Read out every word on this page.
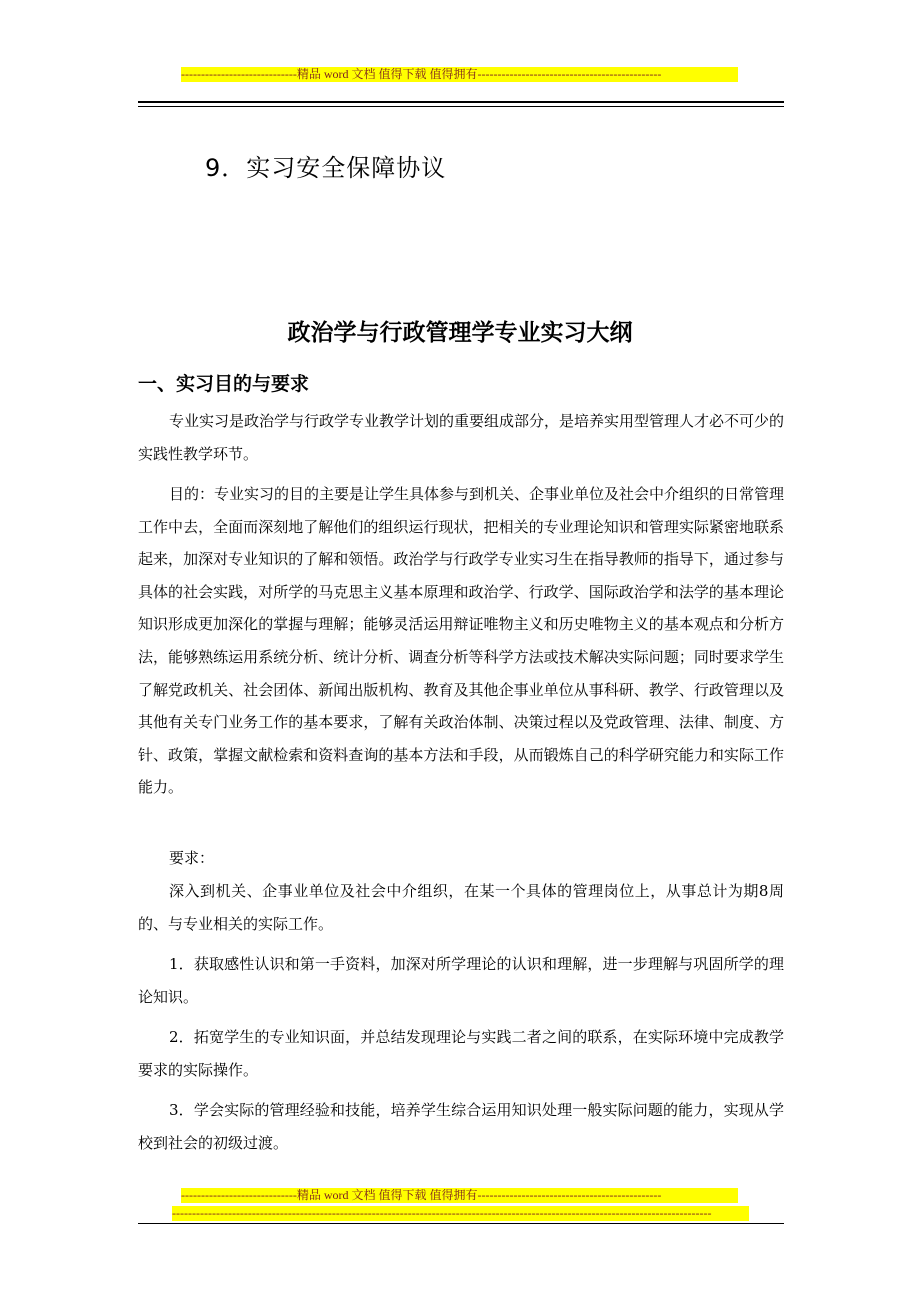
-----------------------------精品 word 文档 值得下载 值得拥有----------------------------------------------
9．实习安全保障协议
政治学与行政管理学专业实习大纲
一、实习目的与要求
专业实习是政治学与行政学专业教学计划的重要组成部分，是培养实用型管理人才必不可少的实践性教学环节。
目的：专业实习的目的主要是让学生具体参与到机关、企事业单位及社会中介组织的日常管理工作中去，全面而深刻地了解他们的组织运行现状，把相关的专业理论知识和管理实际紧密地联系起来，加深对专业知识的了解和领悟。政治学与行政学专业实习生在指导教师的指导下，通过参与具体的社会实践，对所学的马克思主义基本原理和政治学、行政学、国际政治学和法学的基本理论知识形成更加深化的掌握与理解；能够灵活运用辩证唯物主义和历史唯物主义的基本观点和分析方法，能够熟练运用系统分析、统计分析、调查分析等科学方法或技术解决实际问题；同时要求学生了解党政机关、社会团体、新闻出版机构、教育及其他企事业单位从事科研、教学、行政管理以及其他有关专门业务工作的基本要求，了解有关政治体制、决策过程以及党政管理、法律、制度、方针、政策，掌握文献检索和资料查询的基本方法和手段，从而锻炼自己的科学研究能力和实际工作能力。
要求：
深入到机关、企事业单位及社会中介组织，在某一个具体的管理岗位上，从事总计为期8周的、与专业相关的实际工作。
1．获取感性认识和第一手资料，加深对所学理论的认识和理解，进一步理解与巩固所学的理论知识。
2．拓宽学生的专业知识面，并总结发现理论与实践二者之间的联系，在实际环境中完成教学要求的实际操作。
3．学会实际的管理经验和技能，培养学生综合运用知识处理一般实际问题的能力，实现从学校到社会的初级过渡。
-----------------------------精品 word 文档 值得下载 值得拥有----------------------------------------------
---------------------------------------------------------------------------------------------------------------------------------------
